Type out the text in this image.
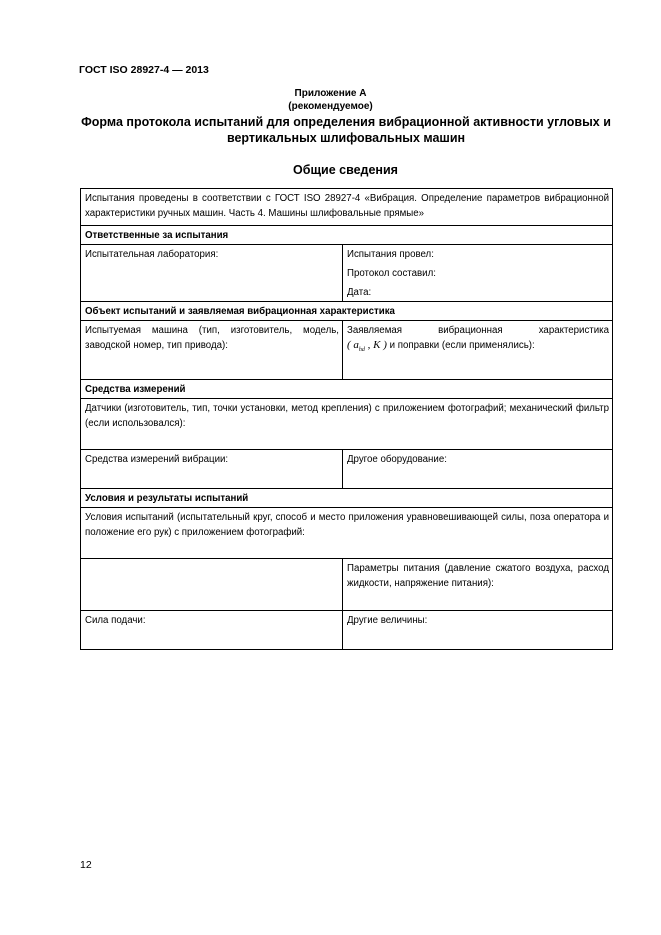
ГОСТ ISO 28927-4 — 2013
Приложение А
(рекомендуемое)
Форма протокола испытаний для определения вибрационной активности угловых и вертикальных шлифовальных машин
Общие сведения
Испытания проведены в соответствии с ГОСТ ISO 28927-4 «Вибрация. Определение параметров вибрационной характеристики ручных машин. Часть 4. Машины шлифовальные прямые»	
Ответственные за испытания	
Испытательная лаборатория:	Испытания провел:
Протокол составил:
Дата:

Объект испытаний и заявляемая вибрационная характеристика	
Испытуемая машина (тип, изготовитель, модель, заводской номер, тип привода):	Заявляемая вибрационная характеристика
( $a_{hd}$ , K ) и поправки (если применялись):
Средства измерений	
Датчики (изготовитель, тип, точки установки, метод крепления) с приложением фотографий; механический фильтр (если использовался):	
Средства измерений вибрации:	Другое оборудование:
Условия и результаты испытаний	
Условия испытаний (испытательный круг, способ и место приложения уравновешивающей силы, поза оператора и положение его рук) с приложением фотографий:	
	Параметры питания (давление сжатого воздуха, расход жидкости, напряжение питания):
Сила подачи:	Другие величины:
12
